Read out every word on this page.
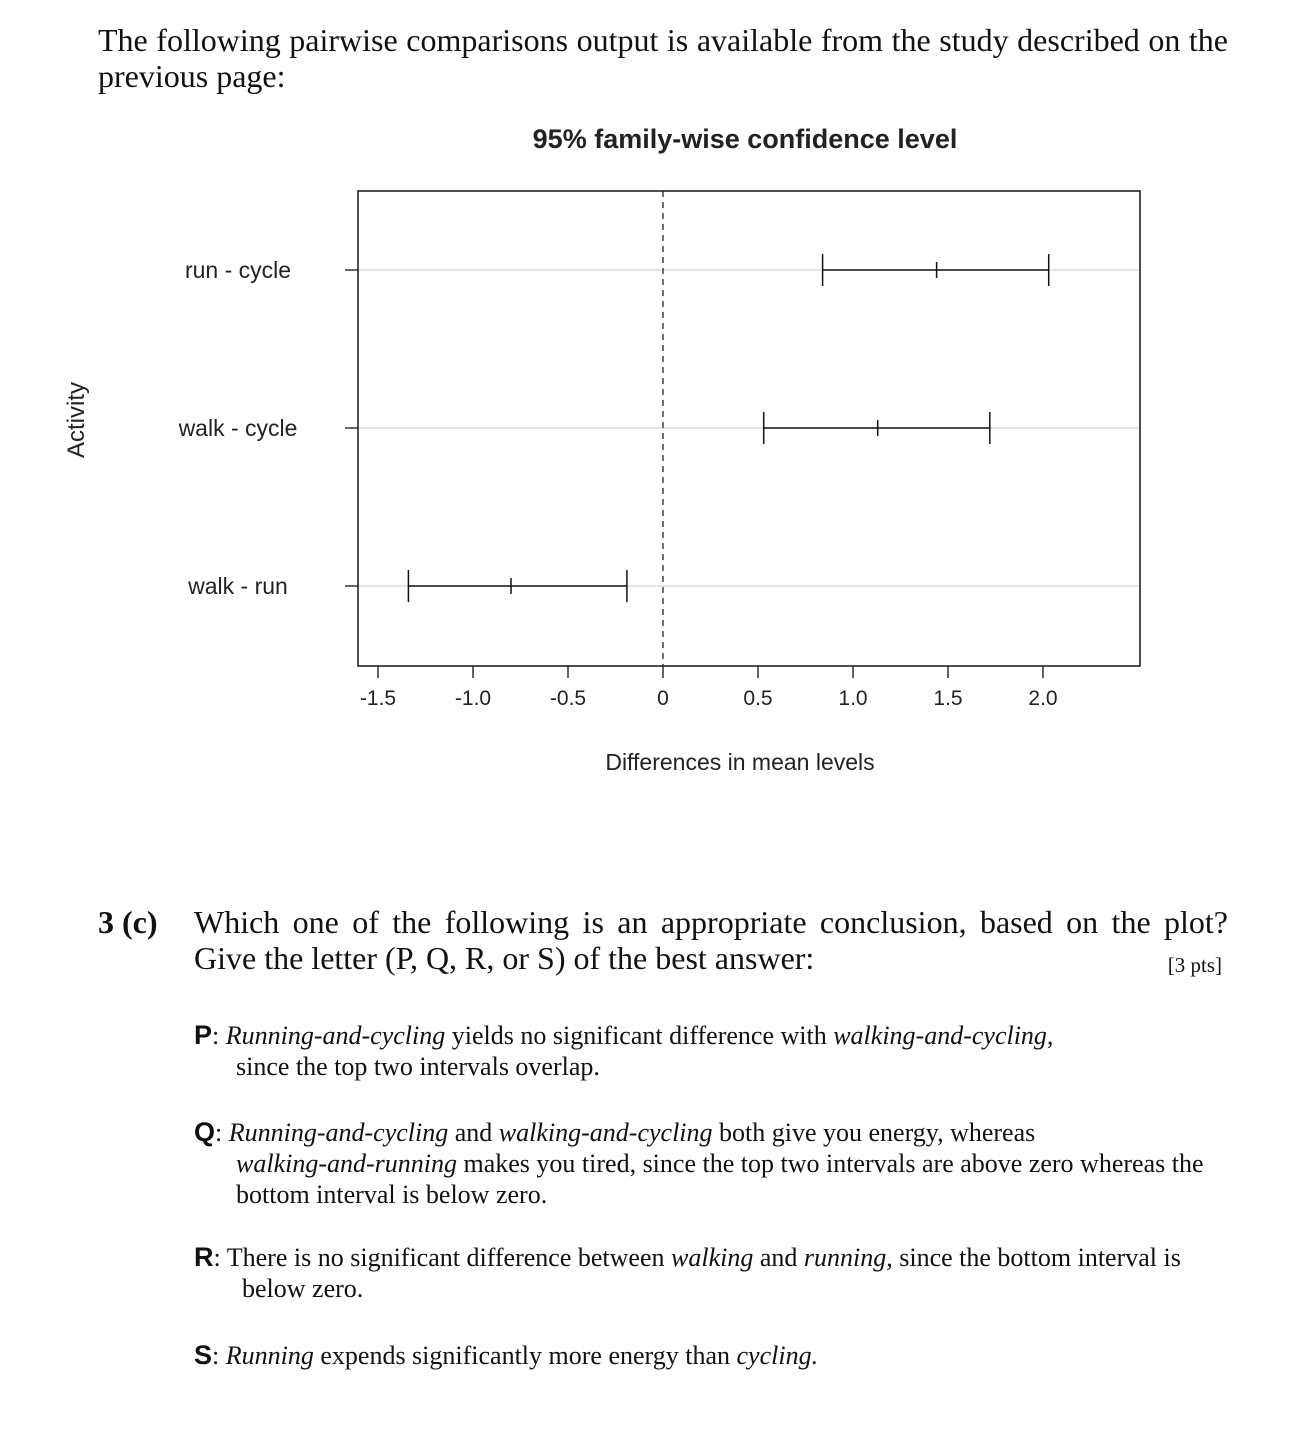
The following pairwise comparisons output is available from the study described on the previous page:

95% family-wise confidence level
-1.5	-1.0	-0.5	0	0.5	1.0	1.5	2.0
run - cycle
walk - cycle
walk - run
Differences in mean levels
Activity
3 (c) Which one of the following is an appropriate conclusion, based on the plot? Give the letter (P, Q, R, or S) of the best answer:	[3 pts]

P: Running-and-cycling yields no significant difference with walking-and-cycling,
since the top two intervals overlap.

Q: Running-and-cycling and walking-and-cycling both give you energy, whereas
walking-and-running makes you tired, since the top two intervals are above zero whereas the bottom interval is below zero.

R: There is no significant difference between walking and running, since the bottom interval is
below zero.

S: Running expends significantly more energy than cycling.
